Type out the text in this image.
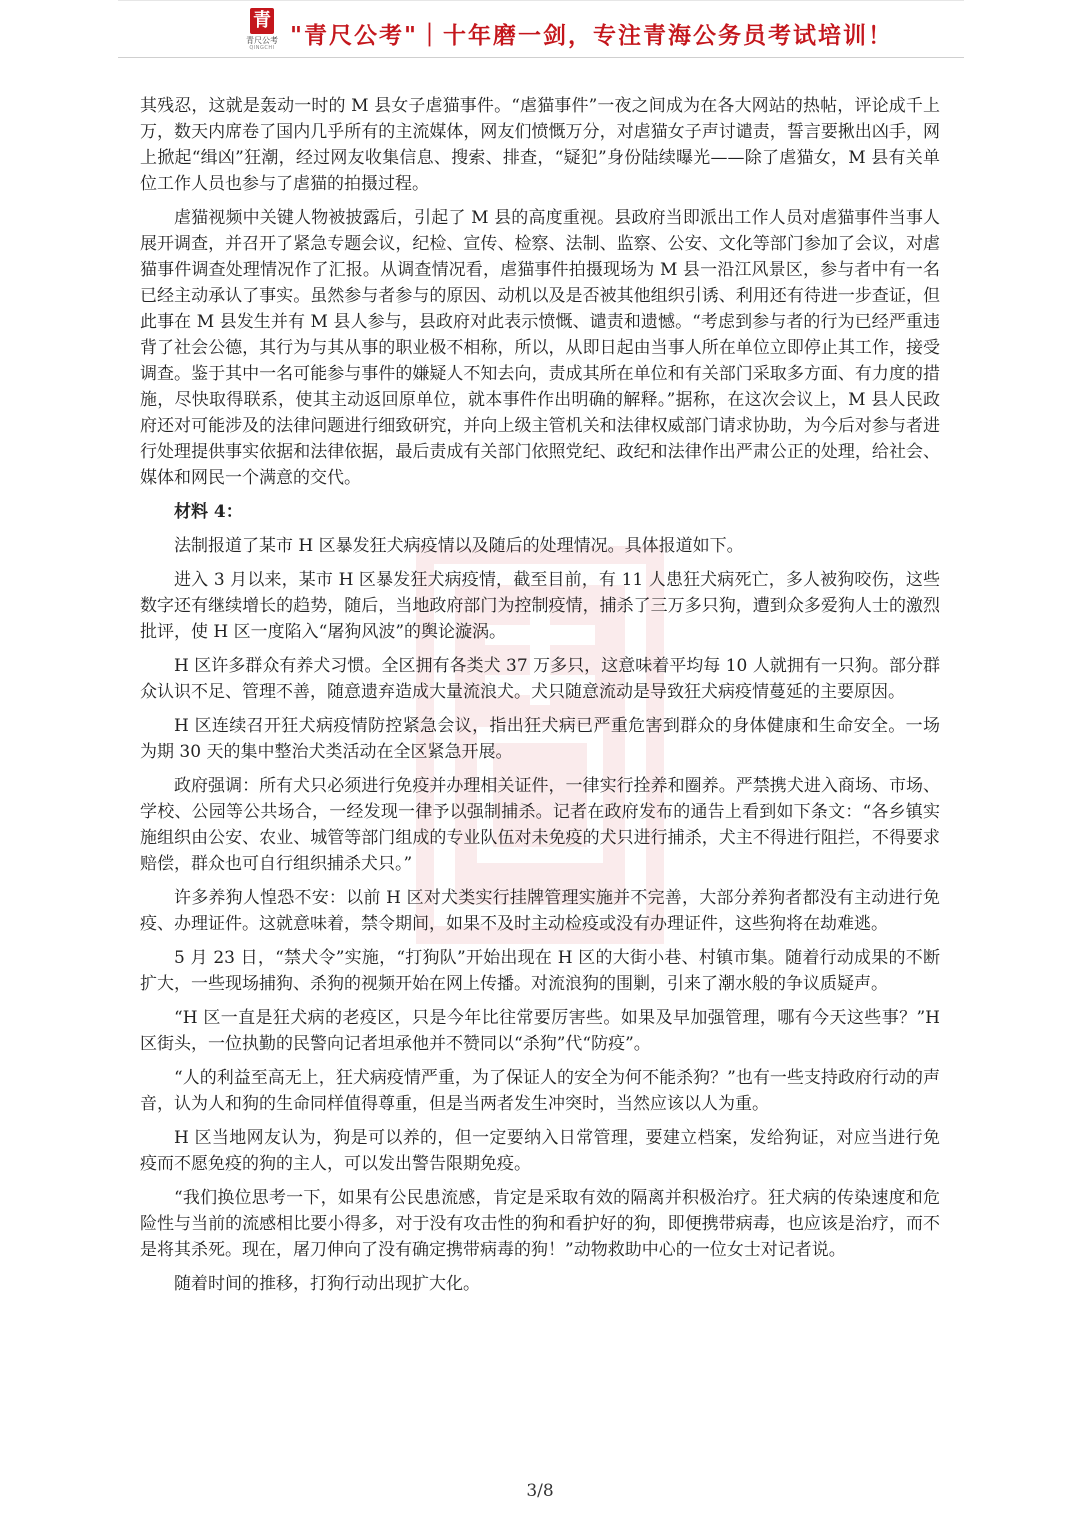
青
青尺公考
QINGCHI "青尺公考"｜十年磨一剑，专注青海公务员考试培训！

其残忍，这就是轰动一时的 M 县女子虐猫事件。“虐猫事件”一夜之间成为在各大网站的热帖，评论成千上万，数天内席卷了国内几乎所有的主流媒体，网友们愤慨万分，对虐猫女子声讨谴责，誓言要揪出凶手，网上掀起“缉凶”狂潮，经过网友收集信息、搜索、排查，“疑犯”身份陆续曝光——除了虐猫女，M 县有关单位工作人员也参与了虐猫的拍摄过程。

虐猫视频中关键人物被披露后，引起了 M 县的高度重视。县政府当即派出工作人员对虐猫事件当事人展开调查，并召开了紧急专题会议，纪检、宣传、检察、法制、监察、公安、文化等部门参加了会议，对虐猫事件调查处理情况作了汇报。从调查情况看，虐猫事件拍摄现场为 M 县一沿江风景区，参与者中有一名已经主动承认了事实。虽然参与者参与的原因、动机以及是否被其他组织引诱、利用还有待进一步查证，但此事在 M 县发生并有 M 县人参与，县政府对此表示愤慨、谴责和遗憾。“考虑到参与者的行为已经严重违背了社会公德，其行为与其从事的职业极不相称，所以，从即日起由当事人所在单位立即停止其工作，接受调查。鉴于其中一名可能参与事件的嫌疑人不知去向，责成其所在单位和有关部门采取多方面、有力度的措施，尽快取得联系，使其主动返回原单位，就本事件作出明确的解释。”据称，在这次会议上，M 县人民政府还对可能涉及的法律问题进行细致研究，并向上级主管机关和法律权威部门请求协助，为今后对参与者进行处理提供事实依据和法律依据，最后责成有关部门依照党纪、政纪和法律作出严肃公正的处理，给社会、媒体和网民一个满意的交代。

材料 4：

法制报道了某市 H 区暴发狂犬病疫情以及随后的处理情况。具体报道如下。

进入 3 月以来，某市 H 区暴发狂犬病疫情，截至目前，有 11 人患狂犬病死亡，多人被狗咬伤，这些数字还有继续增长的趋势，随后，当地政府部门为控制疫情，捕杀了三万多只狗，遭到众多爱狗人士的激烈批评，使 H 区一度陷入“屠狗风波”的舆论漩涡。

H 区许多群众有养犬习惯。全区拥有各类犬 37 万多只，这意味着平均每 10 人就拥有一只狗。部分群众认识不足、管理不善，随意遗弃造成大量流浪犬。犬只随意流动是导致狂犬病疫情蔓延的主要原因。

H 区连续召开狂犬病疫情防控紧急会议，指出狂犬病已严重危害到群众的身体健康和生命安全。一场为期 30 天的集中整治犬类活动在全区紧急开展。

政府强调：所有犬只必须进行免疫并办理相关证件，一律实行拴养和圈养。严禁携犬进入商场、市场、学校、公园等公共场合，一经发现一律予以强制捕杀。记者在政府发布的通告上看到如下条文：“各乡镇实施组织由公安、农业、城管等部门组成的专业队伍对未免疫的犬只进行捕杀，犬主不得进行阻拦，不得要求赔偿，群众也可自行组织捕杀犬只。”

许多养狗人惶恐不安：以前 H 区对犬类实行挂牌管理实施并不完善，大部分养狗者都没有主动进行免疫、办理证件。这就意味着，禁令期间，如果不及时主动检疫或没有办理证件，这些狗将在劫难逃。

5 月 23 日，“禁犬令”实施，“打狗队”开始出现在 H 区的大街小巷、村镇市集。随着行动成果的不断扩大，一些现场捕狗、杀狗的视频开始在网上传播。对流浪狗的围剿，引来了潮水般的争议质疑声。

“H 区一直是狂犬病的老疫区，只是今年比往常要厉害些。如果及早加强管理，哪有今天这些事？”H 区街头，一位执勤的民警向记者坦承他并不赞同以“杀狗”代“防疫”。

“人的利益至高无上，狂犬病疫情严重，为了保证人的安全为何不能杀狗？”也有一些支持政府行动的声音，认为人和狗的生命同样值得尊重，但是当两者发生冲突时，当然应该以人为重。

H 区当地网友认为，狗是可以养的，但一定要纳入日常管理，要建立档案，发给狗证，对应当进行免疫而不愿免疫的狗的主人，可以发出警告限期免疫。

“我们换位思考一下，如果有公民患流感，肯定是采取有效的隔离并积极治疗。狂犬病的传染速度和危险性与当前的流感相比要小得多，对于没有攻击性的狗和看护好的狗，即便携带病毒，也应该是治疗，而不是将其杀死。现在，屠刀伸向了没有确定携带病毒的狗！”动物救助中心的一位女士对记者说。

随着时间的推移，打狗行动出现扩大化。

3/8
